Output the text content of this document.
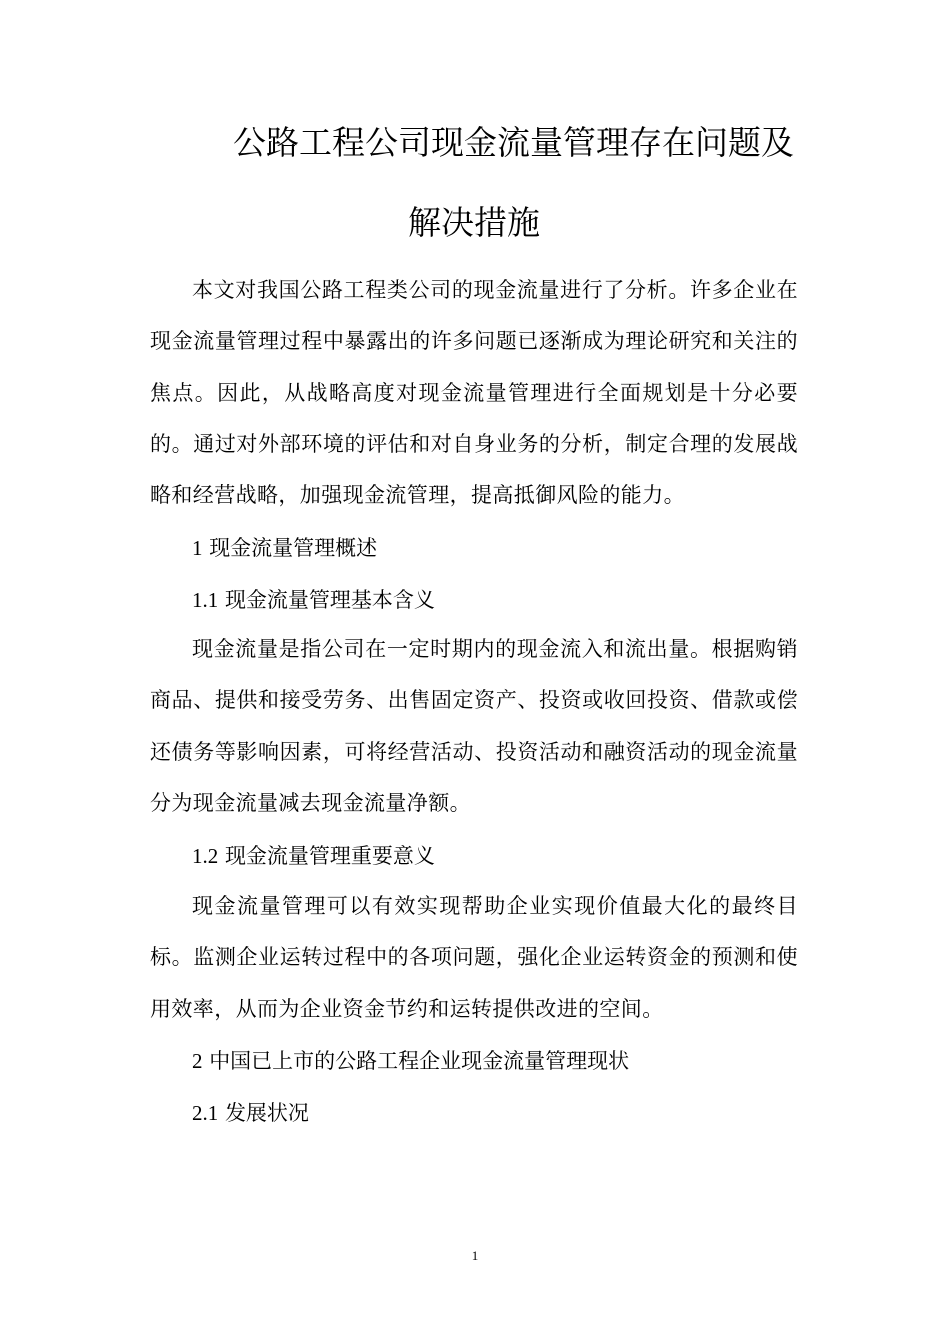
公路工程公司现金流量管理存在问题及
解决措施

本文对我国公路工程类公司的现金流量进行了分析。许多企业在现金流量管理过程中暴露出的许多问题已逐渐成为理论研究和关注的焦点。因此，从战略高度对现金流量管理进行全面规划是十分必要的。通过对外部环境的评估和对自身业务的分析，制定合理的发展战略和经营战略，加强现金流管理，提高抵御风险的能力。

1 现金流量管理概述

1.1 现金流量管理基本含义

现金流量是指公司在一定时期内的现金流入和流出量。根据购销商品、提供和接受劳务、出售固定资产、投资或收回投资、借款或偿还债务等影响因素，可将经营活动、投资活动和融资活动的现金流量分为现金流量减去现金流量净额。

1.2 现金流量管理重要意义

现金流量管理可以有效实现帮助企业实现价值最大化的最终目标。监测企业运转过程中的各项问题，强化企业运转资金的预测和使用效率，从而为企业资金节约和运转提供改进的空间。

2 中国已上市的公路工程企业现金流量管理现状

2.1 发展状况

1
